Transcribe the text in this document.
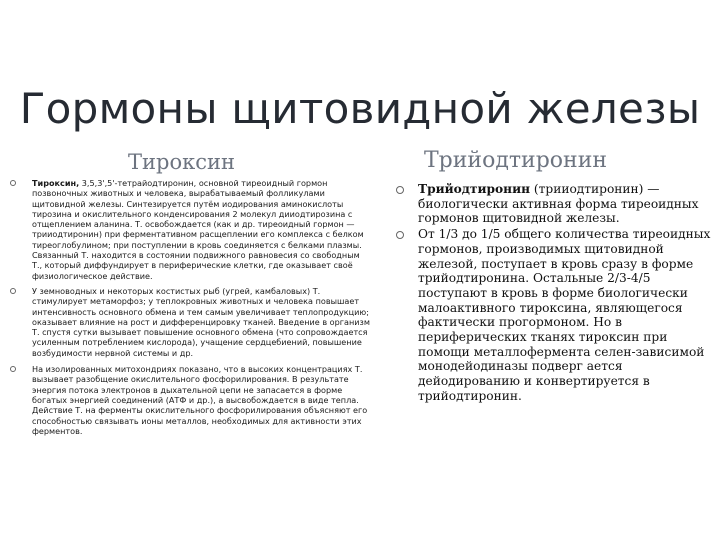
Гормоны щитовидной железы
Тироксин	Трийодтиронин
Тироксин, 3,5,3',5'-тетрайодтиронин, основной тиреоидный гормон позвоночных животных и человека, вырабатываемый фолликулами щитовидной железы. Синтезируется путём иодирования аминокислоты тирозина и окислительного конденсирования 2 молекул дииодтирозина с отщеплением аланина. Т. освобождается (как и др. тиреоидный гормон — трииодтиронин) при ферментативном расщеплении его комплекса с белком тиреоглобулином; при поступлении в кровь соединяется с белками плазмы. Связанный Т. находится в состоянии подвижного равновесия со свободным Т., который диффундирует в периферические клетки, где оказывает своё физиологическое действие.
У земноводных и некоторых костистых рыб (угрей, камбаловых) Т. стимулирует метаморфоз; у теплокровных животных и человека повышает интенсивность основного обмена и тем самым увеличивает теплопродукцию; оказывает влияние на рост и дифференцировку тканей. Введение в организм Т. спустя сутки вызывает повышение основного обмена (что сопровождается усиленным потреблением кислорода), учащение сердцебиений, повышение возбудимости нервной системы и др.
На изолированных митохондриях показано, что в высоких концентрациях Т. вызывает разобщение окислительного фосфорилирования. В результате энергия потока электронов в дыхательной цепи не запасается в форме богатых энергией соединений (АТФ и др.), а высвобождается в виде тепла. Действие Т. на ферменты окислительного фосфорилирования объясняют его способностью связывать ионы металлов, необходимых для активности этих ферментов.
Трийодтиронин (трииодтиронин) — биологически активная форма тиреоидных гормонов щитовидной железы.
От 1/3 до 1/5 общего количества тиреоидных гормонов, производимых щитовидной железой, поступает в кровь сразу в форме трийодтиронина. Остальные 2/3-4/5 поступают в кровь в форме биологически малоактивного тироксина, являющегося фактически прогормоном. Но в периферических тканях тироксин при помощи металлофермента селен-зависимой монодейодиназы подверг ается дейодированию и конвертируется в трийодтиронин.
